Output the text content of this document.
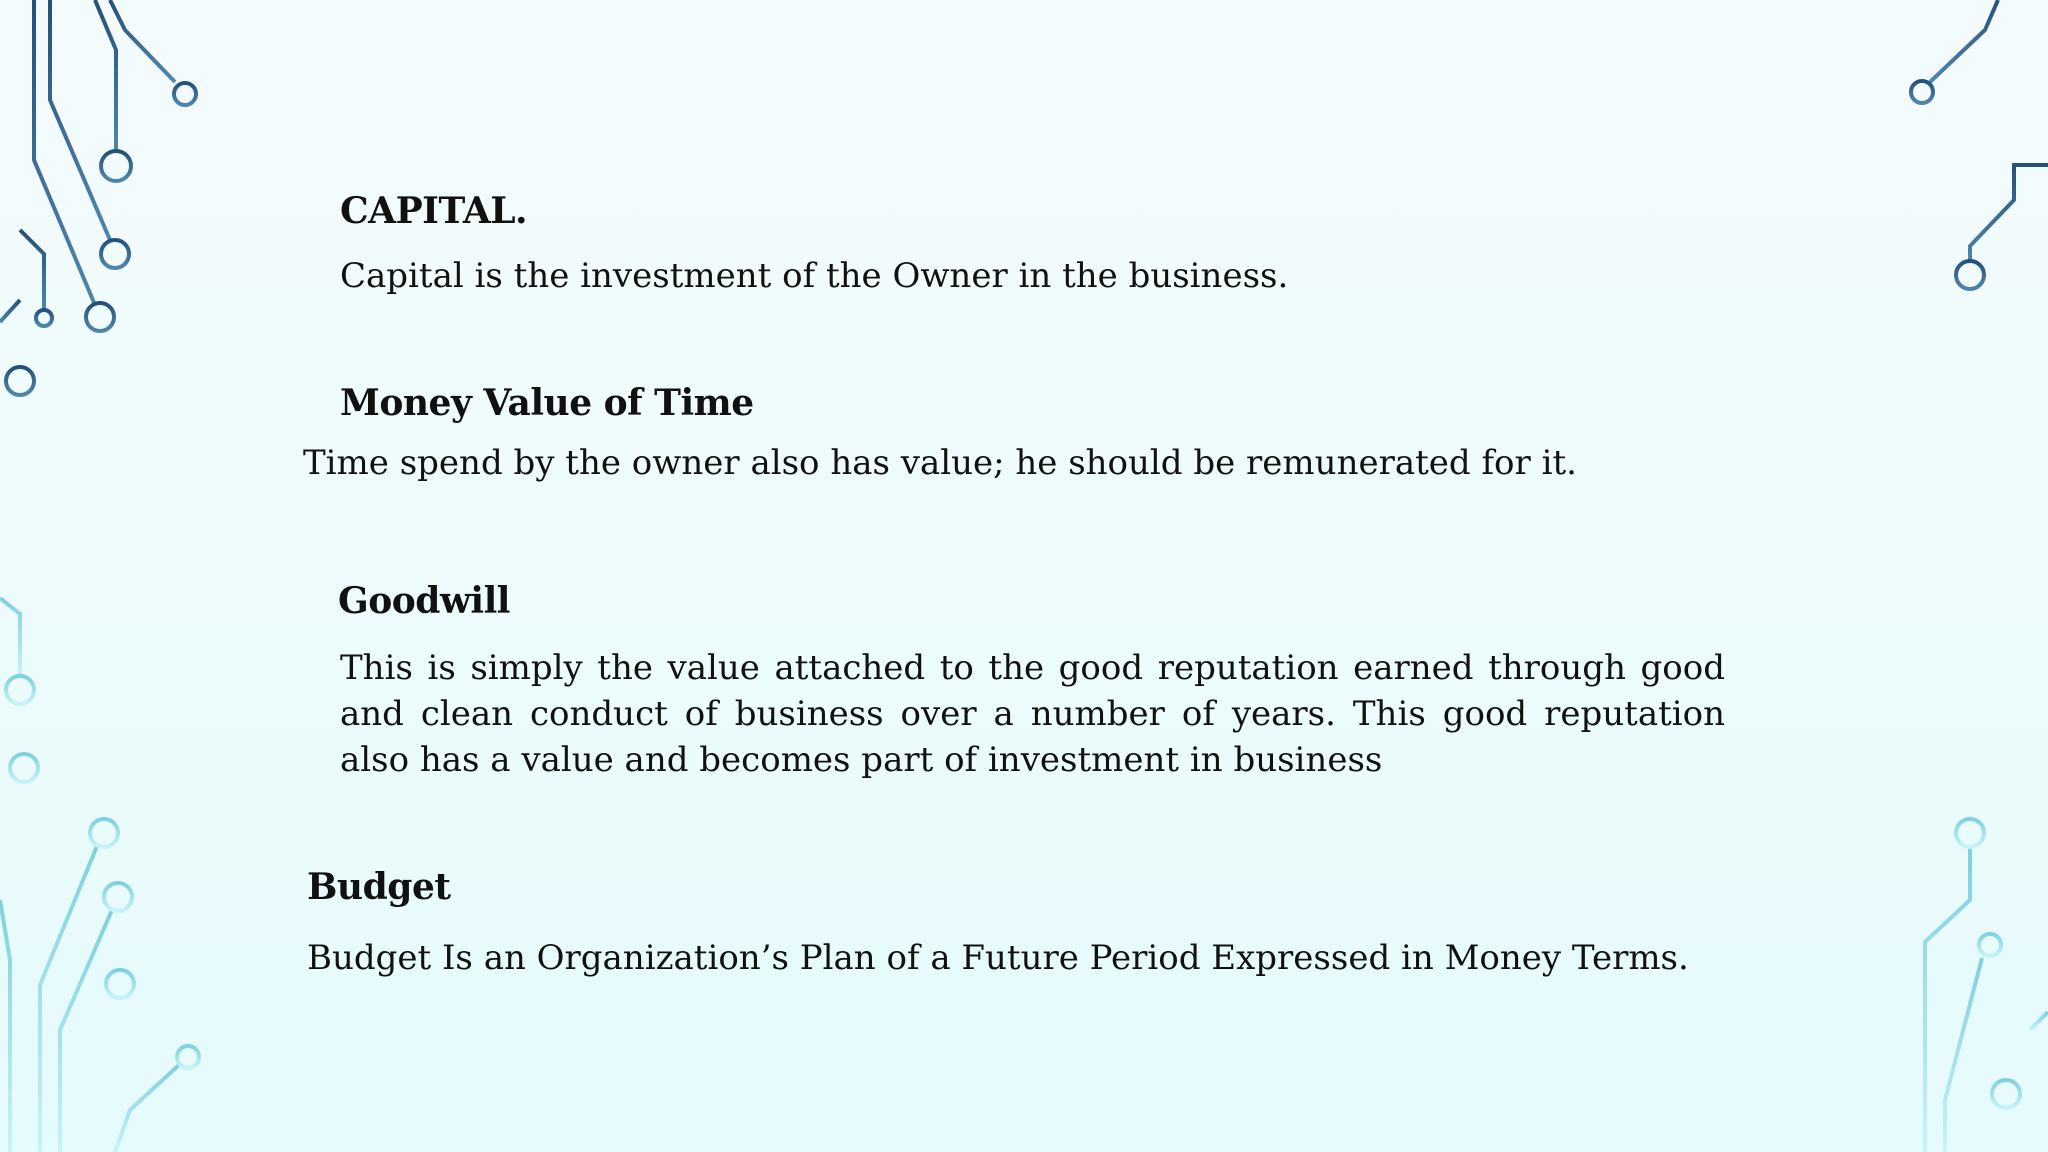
CAPITAL.
Capital is the investment of the Owner in the business.
Money Value of Time
Time spend by the owner also has value; he should be remunerated for it.
Goodwill
This is simply the value attached to the good reputation earned through good and clean conduct of business over a number of years. This good reputation also has a value and becomes part of investment in business
Budget
Budget Is an Organization’s Plan of a Future Period Expressed in Money Terms.
